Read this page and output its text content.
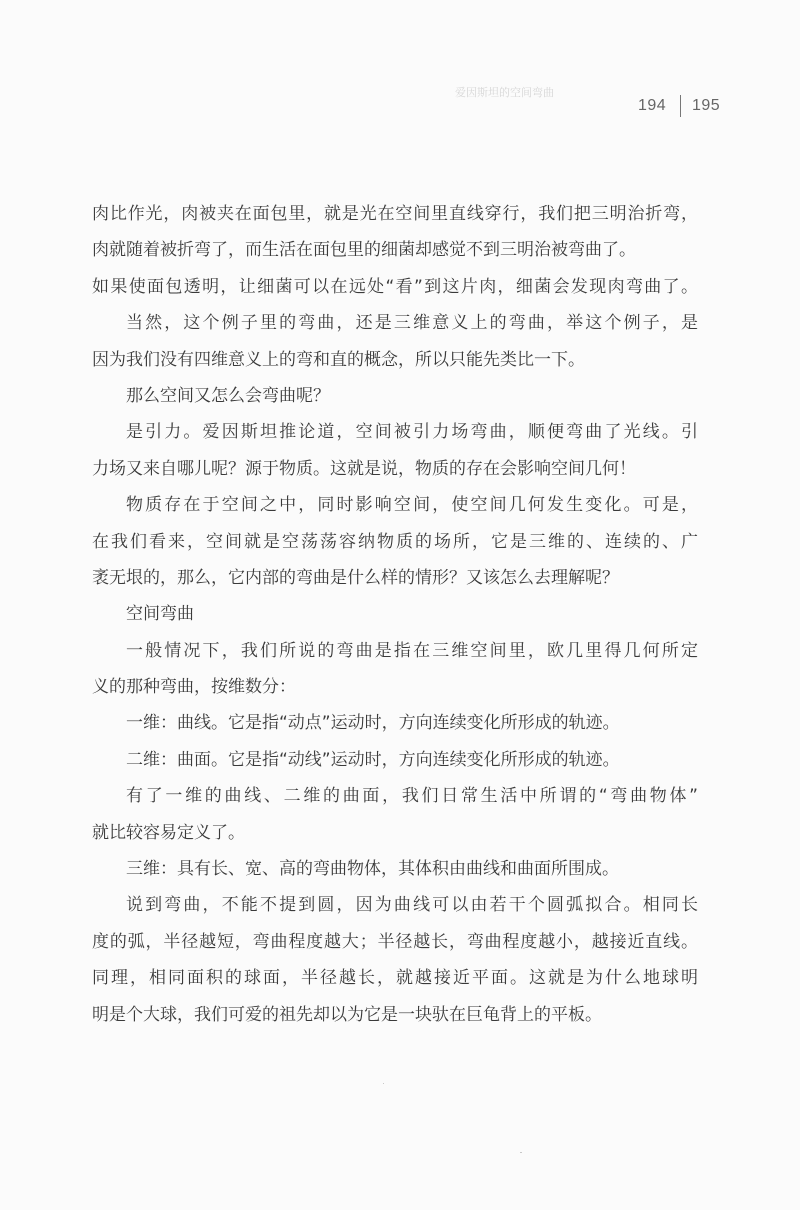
爱因斯坦的空间弯曲
194 195
肉比作光，肉被夹在面包里，就是光在空间里直线穿行，我们把三明治折弯，
肉就随着被折弯了，而生活在面包里的细菌却感觉不到三明治被弯曲了。
如果使面包透明，让细菌可以在远处“看”到这片肉，细菌会发现肉弯曲了。
当然，这个例子里的弯曲，还是三维意义上的弯曲，举这个例子，是
因为我们没有四维意义上的弯和直的概念，所以只能先类比一下。
那么空间又怎么会弯曲呢？
是引力。爱因斯坦推论道，空间被引力场弯曲，顺便弯曲了光线。引
力场又来自哪儿呢？源于物质。这就是说，物质的存在会影响空间几何！
物质存在于空间之中，同时影响空间，使空间几何发生变化。可是，
在我们看来，空间就是空荡荡容纳物质的场所，它是三维的、连续的、广
袤无垠的，那么，它内部的弯曲是什么样的情形？又该怎么去理解呢？
空间弯曲
一般情况下，我们所说的弯曲是指在三维空间里，欧几里得几何所定
义的那种弯曲，按维数分：
一维：曲线。它是指“动点”运动时，方向连续变化所形成的轨迹。
二维：曲面。它是指“动线”运动时，方向连续变化所形成的轨迹。
有了一维的曲线、二维的曲面，我们日常生活中所谓的“弯曲物体”
就比较容易定义了。
三维：具有长、宽、高的弯曲物体，其体积由曲线和曲面所围成。
说到弯曲，不能不提到圆，因为曲线可以由若干个圆弧拟合。相同长
度的弧，半径越短，弯曲程度越大；半径越长，弯曲程度越小，越接近直线。
同理，相同面积的球面，半径越长，就越接近平面。这就是为什么地球明
明是个大球，我们可爱的祖先却以为它是一块驮在巨龟背上的平板。
